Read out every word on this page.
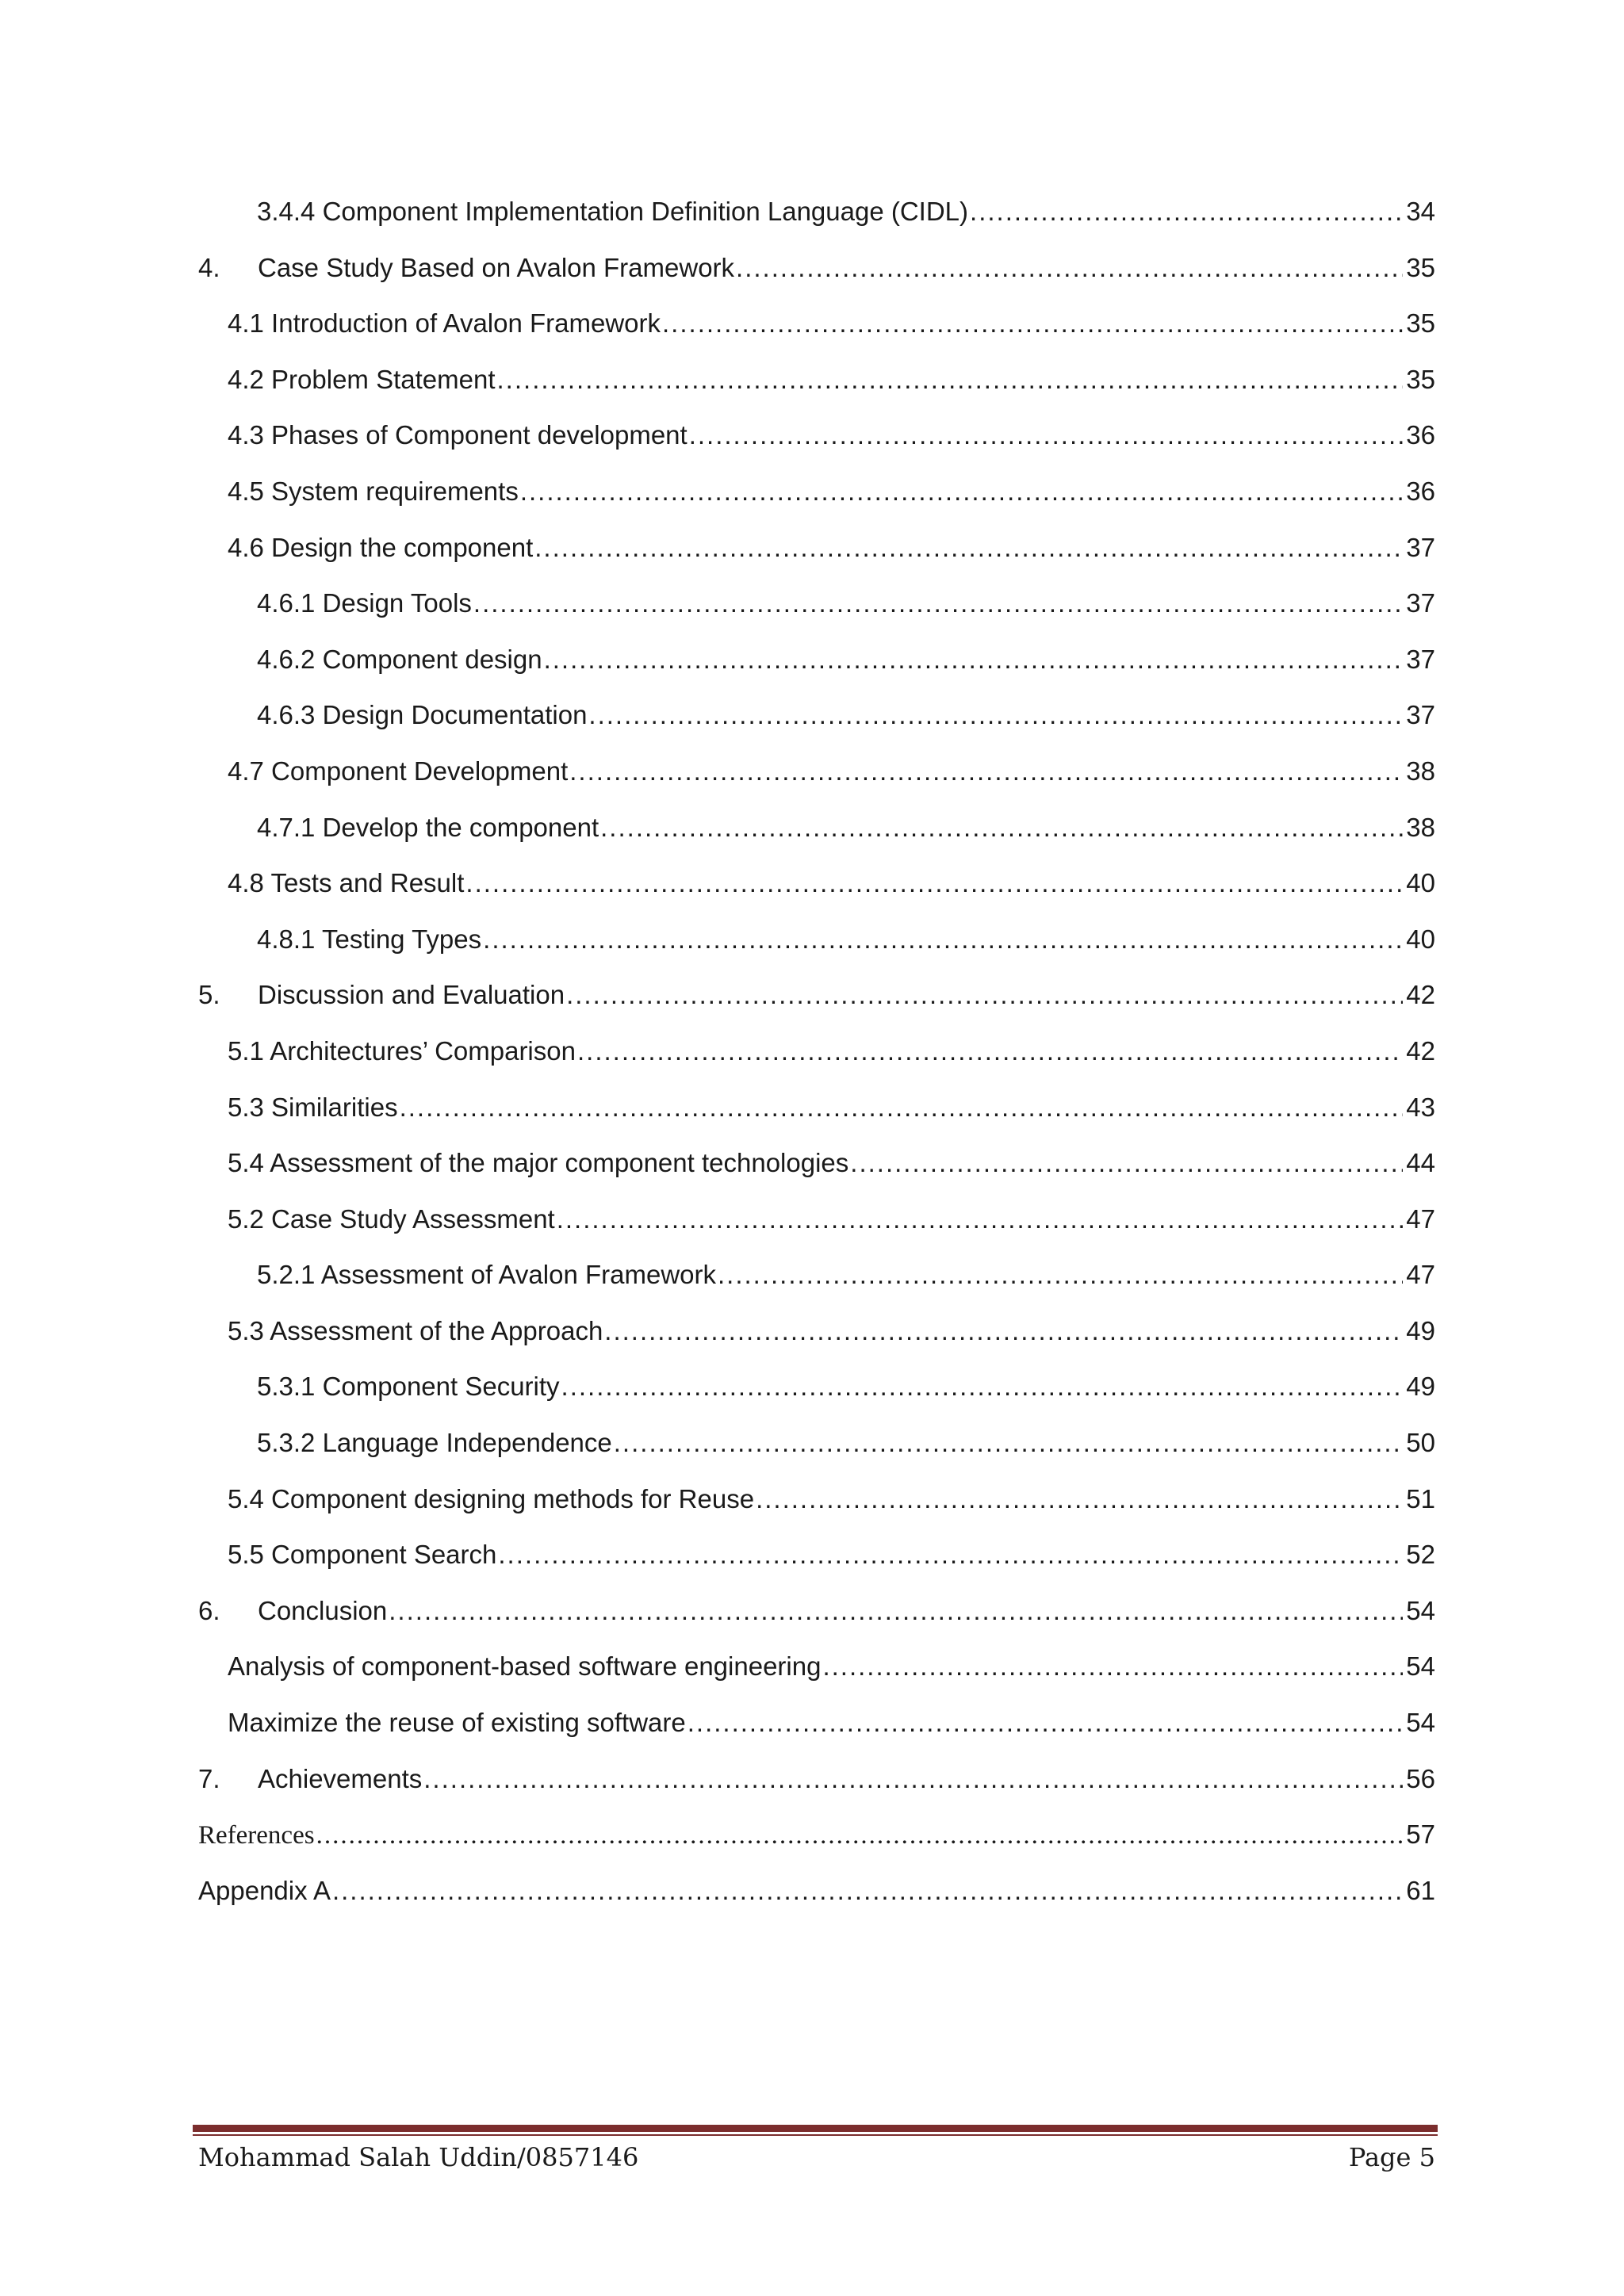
3.4.4 Component Implementation Definition Language (CIDL) .....	34
4.	Case Study Based on Avalon Framework .....	35
4.1 Introduction of Avalon Framework .....	35
4.2 Problem Statement .....	35
4.3 Phases of Component development .....	36
4.5 System requirements .....	36
4.6 Design the component .....	37
4.6.1 Design Tools .....	37
4.6.2 Component design .....	37
4.6.3 Design Documentation .....	37
4.7 Component Development .....	38
4.7.1 Develop the component .....	38
4.8 Tests and Result .....	40
4.8.1 Testing Types .....	40
5.	Discussion and Evaluation .....	42
5.1 Architectures’ Comparison .....	42
5.3 Similarities .....	43
5.4 Assessment of the major component technologies .....	44
5.2 Case Study Assessment .....	47
5.2.1 Assessment of Avalon Framework .....	47
5.3 Assessment of the Approach .....	49
5.3.1 Component Security .....	49
5.3.2 Language Independence .....	50
5.4 Component designing methods for Reuse .....	51
5.5 Component Search .....	52
6.	Conclusion .....	54
Analysis of component-based software engineering .....	54
Maximize the reuse of existing software .....	54
7.	Achievements .....	56
References .....	57
Appendix A .....	61
Mohammad Salah Uddin/0857146	Page 5
